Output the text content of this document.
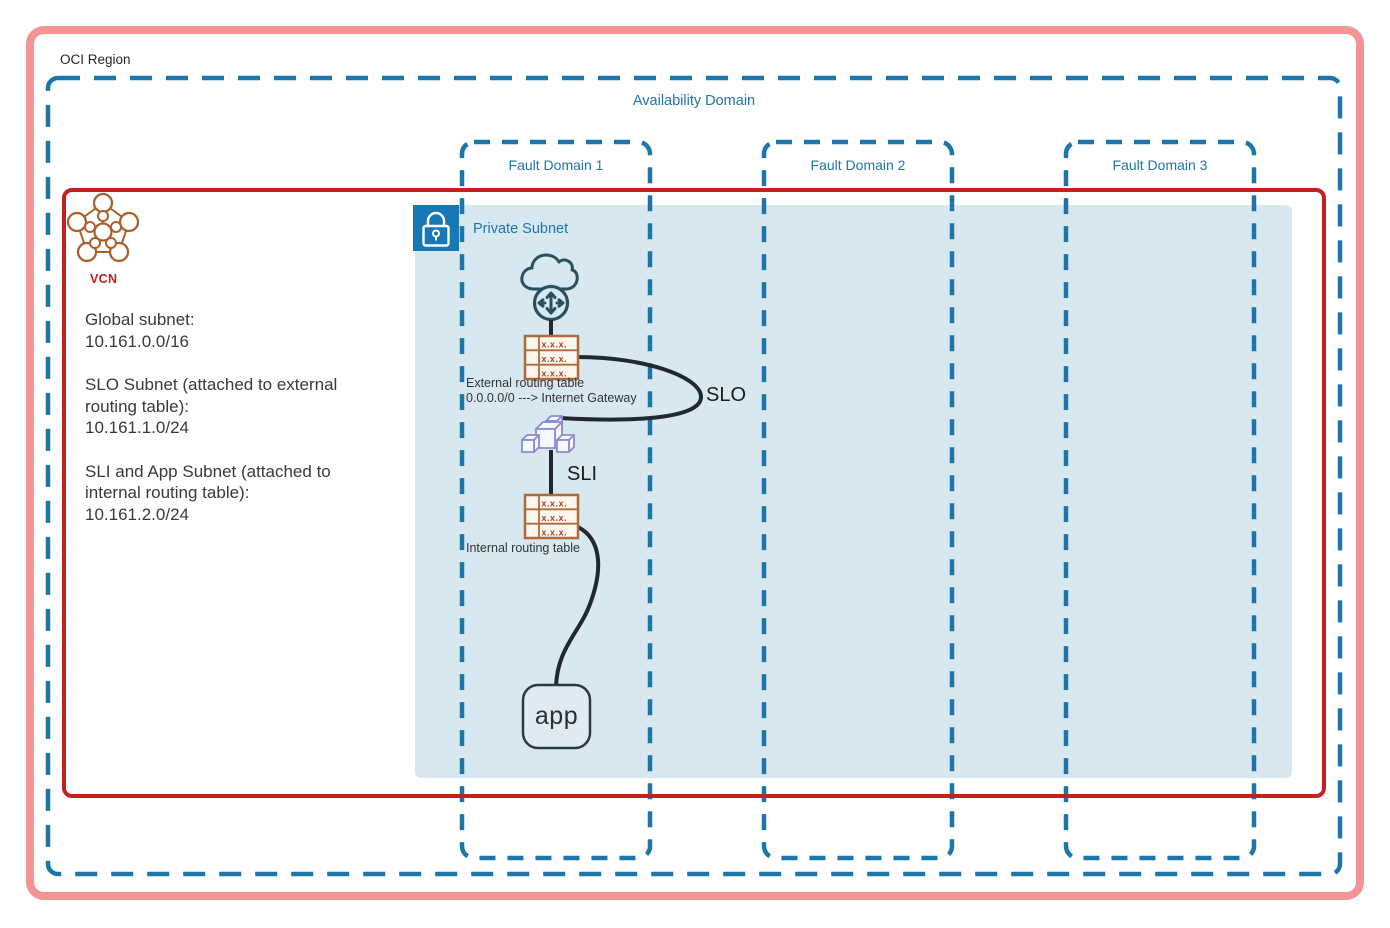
x.x.x.
x.x.x.
x.x.x.
x.x.x.
x.x.x.
x.x.x.
OCI Region
Availability Domain
Fault Domain 1	Fault Domain 2	Fault Domain 3
VCN
Global subnet:
10.161.0.0/16
SLO Subnet (attached to external
routing table):
10.161.1.0/24
SLI and App Subnet (attached to
internal routing table):
10.161.2.0/24
Private Subnet
External routing table
0.0.0.0/0 ---> Internet Gateway	SLO
SLI
Internal routing table
app
